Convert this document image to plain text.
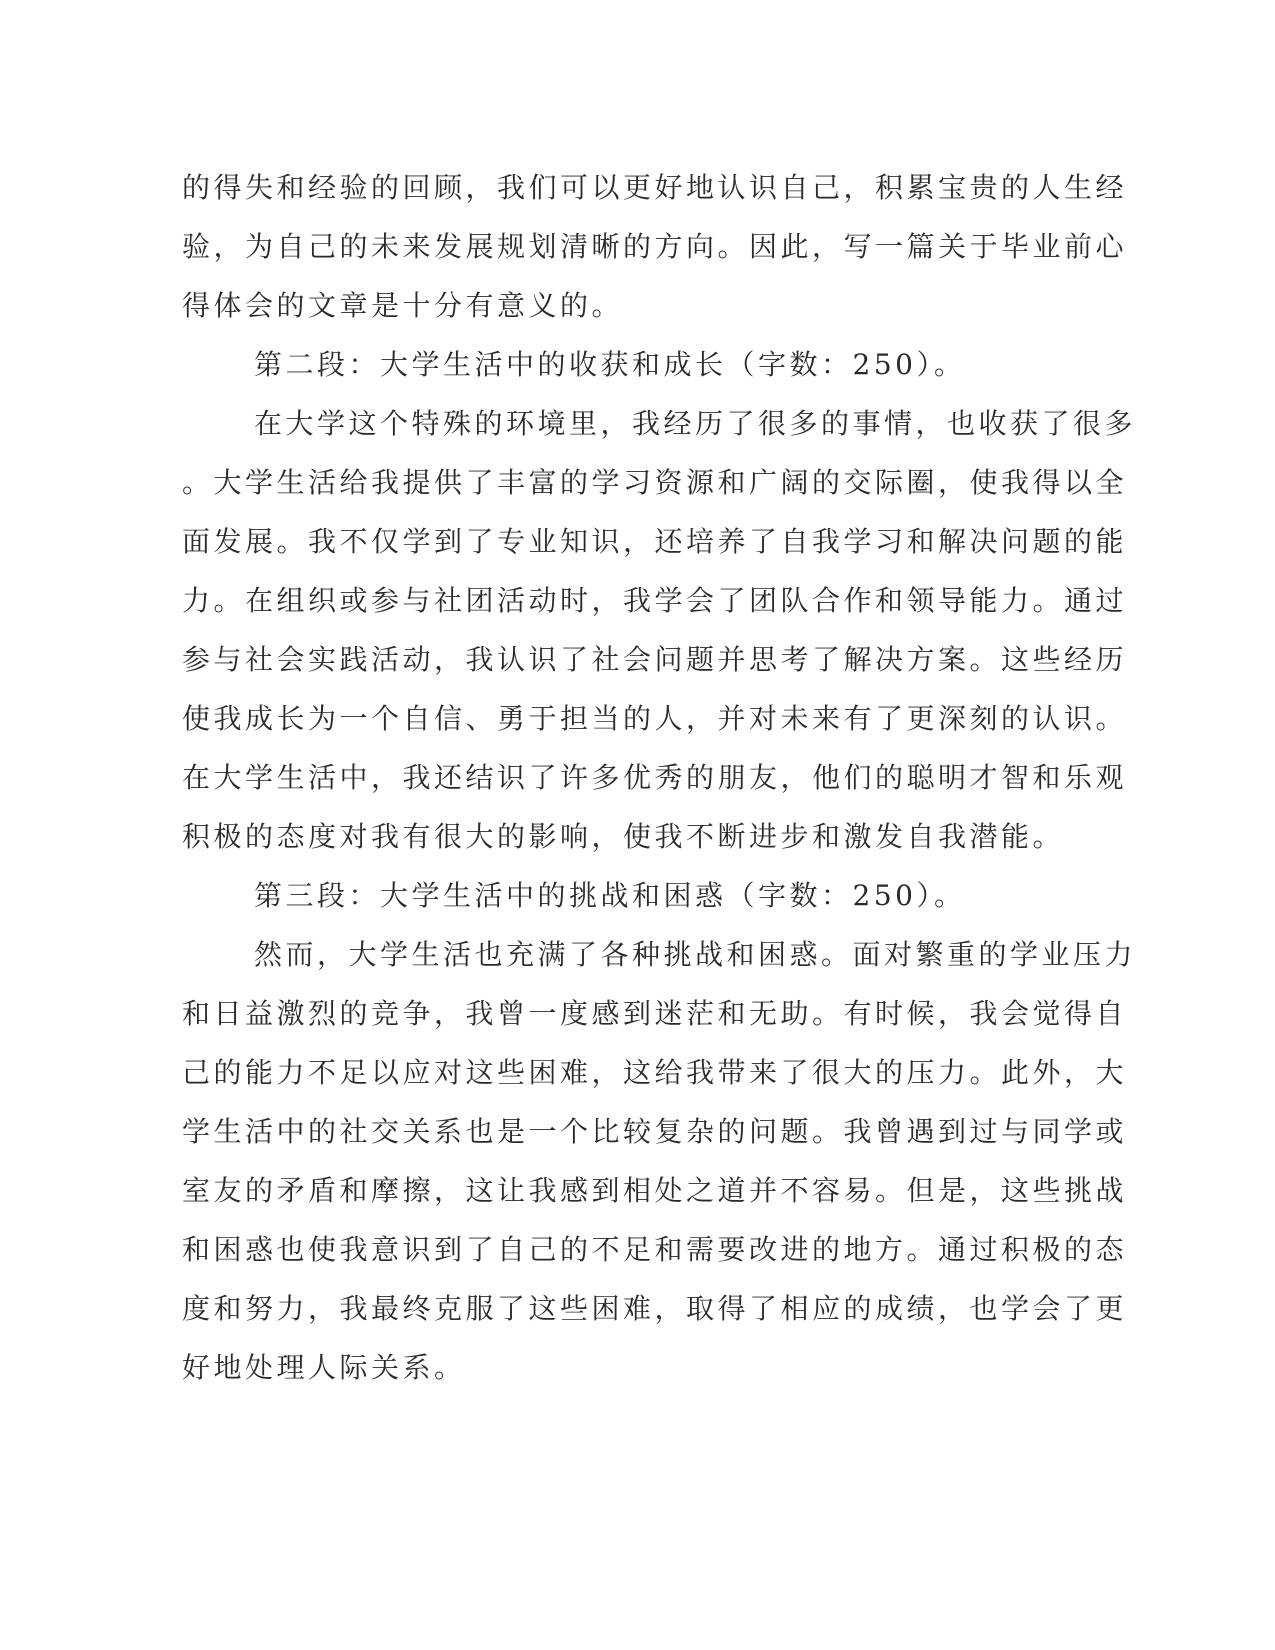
的得失和经验的回顾，我们可以更好地认识自己，积累宝贵的人生经
验，为自己的未来发展规划清晰的方向。因此，写一篇关于毕业前心
得体会的文章是十分有意义的。
第二段：大学生活中的收获和成长（字数：250）。
在大学这个特殊的环境里，我经历了很多的事情，也收获了很多
。大学生活给我提供了丰富的学习资源和广阔的交际圈，使我得以全
面发展。我不仅学到了专业知识，还培养了自我学习和解决问题的能
力。在组织或参与社团活动时，我学会了团队合作和领导能力。通过
参与社会实践活动，我认识了社会问题并思考了解决方案。这些经历
使我成长为一个自信、勇于担当的人，并对未来有了更深刻的认识。
在大学生活中，我还结识了许多优秀的朋友，他们的聪明才智和乐观
积极的态度对我有很大的影响，使我不断进步和激发自我潜能。
第三段：大学生活中的挑战和困惑（字数：250）。
然而，大学生活也充满了各种挑战和困惑。面对繁重的学业压力
和日益激烈的竞争，我曾一度感到迷茫和无助。有时候，我会觉得自
己的能力不足以应对这些困难，这给我带来了很大的压力。此外，大
学生活中的社交关系也是一个比较复杂的问题。我曾遇到过与同学或
室友的矛盾和摩擦，这让我感到相处之道并不容易。但是，这些挑战
和困惑也使我意识到了自己的不足和需要改进的地方。通过积极的态
度和努力，我最终克服了这些困难，取得了相应的成绩，也学会了更
好地处理人际关系。
